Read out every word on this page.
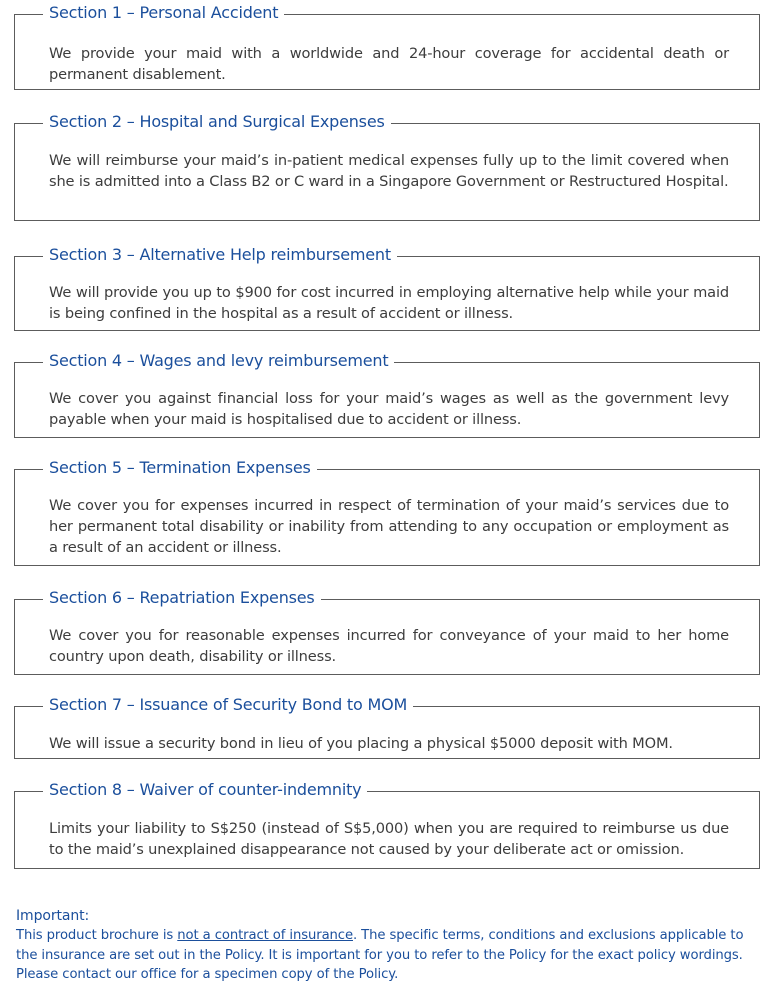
Section 1 – Personal Accident
We provide your maid with a worldwide and 24-hour coverage for accidental death or permanent disablement.
Section 2 – Hospital and Surgical Expenses
We will reimburse your maid’s in-patient medical expenses fully up to the limit covered when she is admitted into a Class B2 or C ward in a Singapore Government or Restructured Hospital.
Section 3 – Alternative Help reimbursement
We will provide you up to $900 for cost incurred in employing alternative help while your maid is being confined in the hospital as a result of accident or illness.
Section 4 – Wages and levy reimbursement
We cover you against financial loss for your maid’s wages as well as the government levy payable when your maid is hospitalised due to accident or illness.
Section 5 – Termination Expenses
We cover you for expenses incurred in respect of termination of your maid’s services due to her permanent total disability or inability from attending to any occupation or employment as a result of an accident or illness.
Section 6 – Repatriation Expenses
We cover you for reasonable expenses incurred for conveyance of your maid to her home country upon death, disability or illness.
Section 7 – Issuance of Security Bond to MOM
We will issue a security bond in lieu of you placing a physical $5000 deposit with MOM.
Section 8 – Waiver of counter-indemnity
Limits your liability to S$250 (instead of S$5,000) when you are required to reimburse us due to the maid’s unexplained disappearance not caused by your deliberate act or omission.
Important:
This product brochure is not a contract of insurance. The specific terms, conditions and exclusions applicable to the insurance are set out in the Policy. It is important for you to refer to the Policy for the exact policy wordings. Please contact our office for a specimen copy of the Policy.
